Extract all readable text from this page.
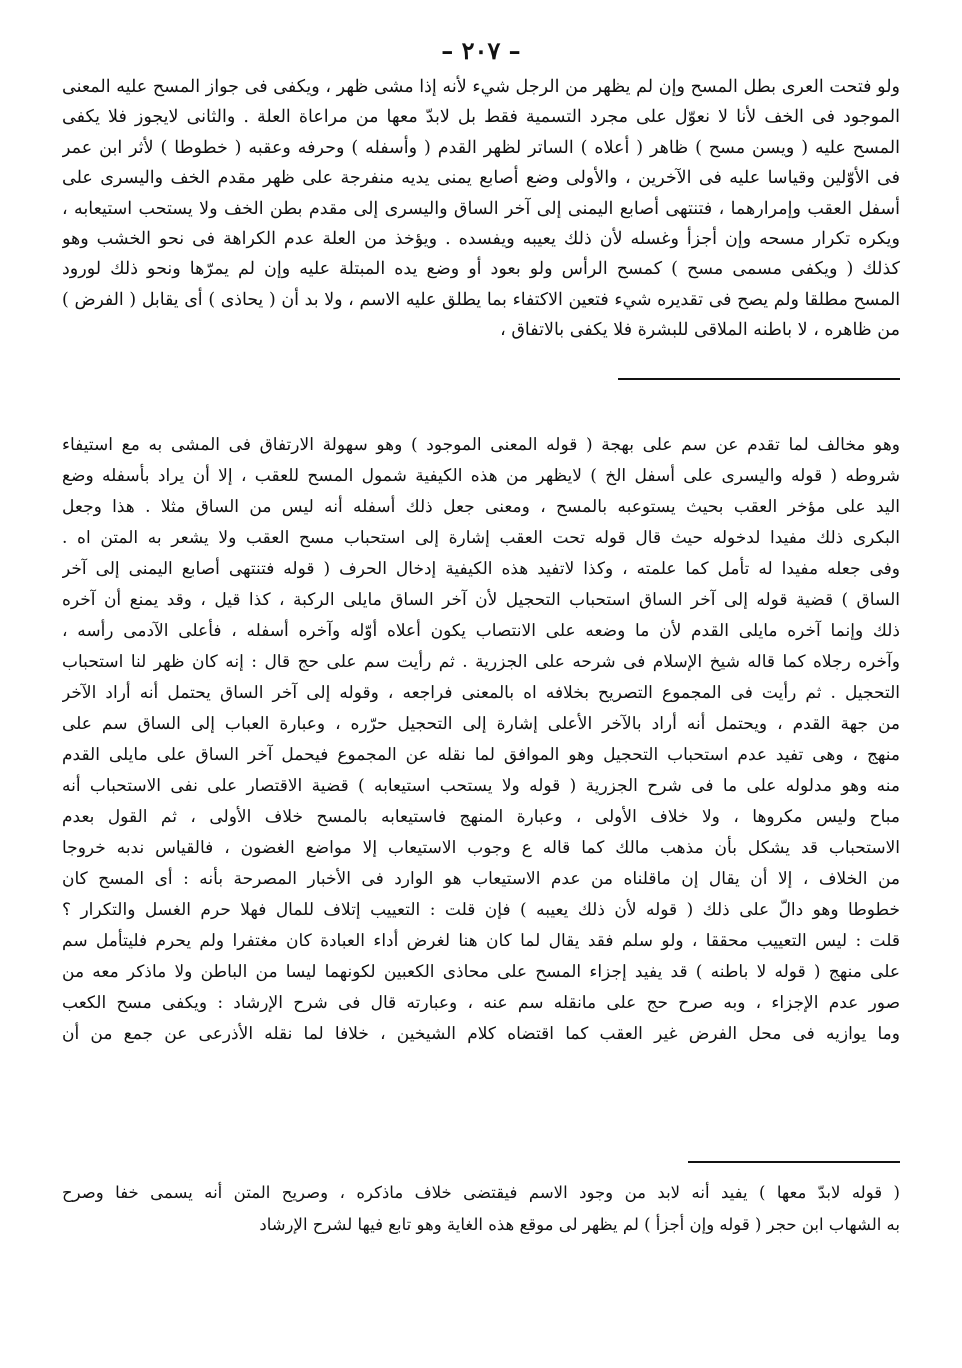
– ٢٠٧ –
ولو فتحت العرى بطل المسح وإن لم يظهر من الرجل شيء لأنه إذا مشى ظهر ، ويكفى فى جواز المسح عليه المعنى
الموجود فى الخف لأنا لا نعوّل على مجرد التسمية فقط بل لابدّ معها من مراعاة العلة . والثانى لايجوز فلا يكفى
المسح عليه ( ويسن مسح ) ظاهر ( أعلاه ) الساتر لظهر القدم ( وأسفله ) وحرفه وعقبه ( خطوطا ) لأثر ابن عمر
فى الأوّلين وقياسا عليه فى الآخرين ، والأولى وضع أصابع يمنى يديه منفرجة على ظهر مقدم الخف واليسرى على
أسفل العقب وإمرارهما ، فتنتهى أصابع اليمنى إلى آخر الساق واليسرى إلى مقدم بطن الخف ولا يستحب استيعابه ،
ويكره تكرار مسحه وإن أجزأ وغسله لأن ذلك يعيبه ويفسده . ويؤخذ من العلة عدم الكراهة فى نحو الخشب وهو
كذلك ( ويكفى مسمى مسح ) كمسح الرأس ولو بعود أو وضع يده المبتلة عليه وإن لم يمرّها ونحو ذلك لورود
المسح مطلقا ولم يصح فى تقديره شيء فتعين الاكتفاء بما يطلق عليه الاسم ، ولا بد أن ( يحاذى ) أى يقابل ( الفرض )
من ظاهره ، لا باطنه الملاقى للبشرة فلا يكفى بالاتفاق ،
وهو مخالف لما تقدم عن سم على بهجة ( قوله المعنى الموجود ) وهو سهولة الارتفاق فى المشى به مع استيفاء
شروطه ( قوله واليسرى على أسفل الخ ) لايظهر من هذه الكيفية شمول المسح للعقب ، إلا أن يراد بأسفله وضع
اليد على مؤخر العقب بحيث يستوعبه بالمسح ، ومعنى جعل ذلك أسفله أنه ليس من الساق مثلا . هذا وجعل
البكرى ذلك مفيدا لدخوله حيث قال قوله تحت العقب إشارة إلى استحباب مسح العقب ولا يشعر به المتن اه .
وفى جعله مفيدا له تأمل كما علمته ، وكذا لاتفيد هذه الكيفية إدخال الحرف ( قوله فتنتهى أصابع اليمنى إلى آخر
الساق ) قضية قوله إلى آخر الساق استحباب التحجيل لأن آخر الساق مايلى الركبة ، كذا قيل ، وقد يمنع أن آخره
ذلك وإنما آخره مايلى القدم لأن ما وضعه على الانتصاب يكون أعلاه أوّله وآخره أسفله ، فأعلى الآدمى رأسه ،
وآخره رجلاه كما قاله شيخ الإسلام فى شرحه على الجزرية . ثم رأيت سم على حج قال : إنه كان ظهر لنا استحباب
التحجيل . ثم رأيت فى المجموع التصريح بخلافه اه بالمعنى فراجعه ، وقوله إلى آخر الساق يحتمل أنه أراد الآخر
من جهة القدم ، ويحتمل أنه أراد بالآخر الأعلى إشارة إلى التحجيل حرّره ، وعبارة العباب إلى الساق سم على
منهج ، وهى تفيد عدم استحباب التحجيل وهو الموافق لما نقله عن المجموع فيحمل آخر الساق على مايلى القدم
منه وهو مدلوله على ما فى شرح الجزرية ( قوله ولا يستحب استيعابه ) قضية الاقتصار على نفى الاستحباب أنه
مباح وليس مكروها ، ولا خلاف الأولى ، وعبارة المنهج فاستيعابه بالمسح خلاف الأولى ، ثم القول بعدم
الاستحباب قد يشكل بأن مذهب مالك كما قاله ع وجوب الاستيعاب إلا مواضع الغضون ، فالقياس ندبه خروجا
من الخلاف ، إلا أن يقال إن ماقلناه من عدم الاستيعاب هو الوارد فى الأخبار المصرحة بأنه : أى المسح كان
خطوطا وهو دالّ على ذلك ( قوله لأن ذلك يعيبه ) فإن قلت : التعييب إتلاف للمال فهلا حرم الغسل والتكرار ؟
قلت : ليس التعييب محققا ، ولو سلم فقد يقال لما كان هنا لغرض أداء العبادة كان مغتفرا ولم يحرم فليتأمل سم
على منهج ( قوله لا باطنه ) قد يفيد إجزاء المسح على محاذى الكعبين لكونهما ليسا من الباطن ولا ماذكر معه من
صور عدم الإجزاء ، وبه صرح حج على مانقله سم عنه ، وعبارته قال فى شرح الإرشاد : ويكفى مسح الكعب
وما يوازيه فى محل الفرض غير العقب كما اقتضاه كلام الشيخين ، خلافا لما نقله الأذرعى عن جمع من أن
( قوله لابدّ معها ) يفيد أنه لابد من وجود الاسم فيقتضى خلاف ماذكره ، وصريح المتن أنه يسمى خفا وصرح
به الشهاب ابن حجر ( قوله وإن أجزأ ) لم يظهر لى موقع هذه الغاية وهو تابع فيها لشرح الإرشاد
